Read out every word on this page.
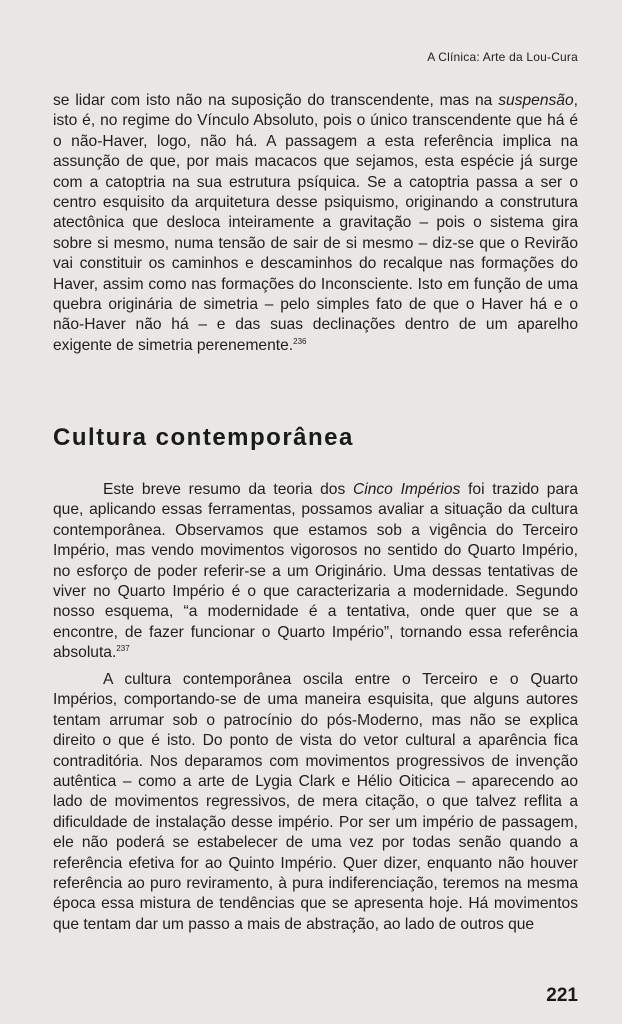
A Clínica: Arte da Lou-Cura

se lidar com isto não na suposição do transcendente, mas na suspensão, isto é, no regime do Vínculo Absoluto, pois o único transcendente que há é o não-Haver, logo, não há. A passagem a esta referência implica na assunção de que, por mais macacos que sejamos, esta espécie já surge com a catoptria na sua estrutura psíquica. Se a catoptria passa a ser o centro esquisito da arquitetura desse psiquismo, originando a construtura atectônica que desloca inteiramente a gravitação – pois o sistema gira sobre si mesmo, numa tensão de sair de si mesmo – diz-se que o Revirão vai constituir os caminhos e descaminhos do recalque nas formações do Haver, assim como nas formações do Inconsciente. Isto em função de uma quebra originária de simetria – pelo simples fato de que o Haver há e o não-Haver não há – e das suas declinações dentro de um aparelho exigente de simetria perenemente.$^{236}$

Cultura contemporânea

Este breve resumo da teoria dos Cinco Impérios foi trazido para que, aplicando essas ferramentas, possamos avaliar a situação da cultura contemporânea. Observamos que estamos sob a vigência do Terceiro Império, mas vendo movimentos vigorosos no sentido do Quarto Império, no esforço de poder referir-se a um Originário. Uma dessas tentativas de viver no Quarto Império é o que caracterizaria a modernidade. Segundo nosso esquema, “a modernidade é a tentativa, onde quer que se a encontre, de fazer funcionar o Quarto Império”, tornando essa referência absoluta.$^{237}$

A cultura contemporânea oscila entre o Terceiro e o Quarto Impérios, comportando-se de uma maneira esquisita, que alguns autores tentam arrumar sob o patrocínio do pós-Moderno, mas não se explica direito o que é isto. Do ponto de vista do vetor cultural a aparência fica contraditória. Nos deparamos com movimentos progressivos de invenção autêntica – como a arte de Lygia Clark e Hélio Oiticica – aparecendo ao lado de movimentos regressivos, de mera citação, o que talvez reflita a dificuldade de instalação desse império. Por ser um império de passagem, ele não poderá se estabelecer de uma vez por todas senão quando a referência efetiva for ao Quinto Império. Quer dizer, enquanto não houver referência ao puro reviramento, à pura indiferenciação, teremos na mesma época essa mistura de tendências que se apresenta hoje. Há movimentos que tentam dar um passo a mais de abstração, ao lado de outros que

221
